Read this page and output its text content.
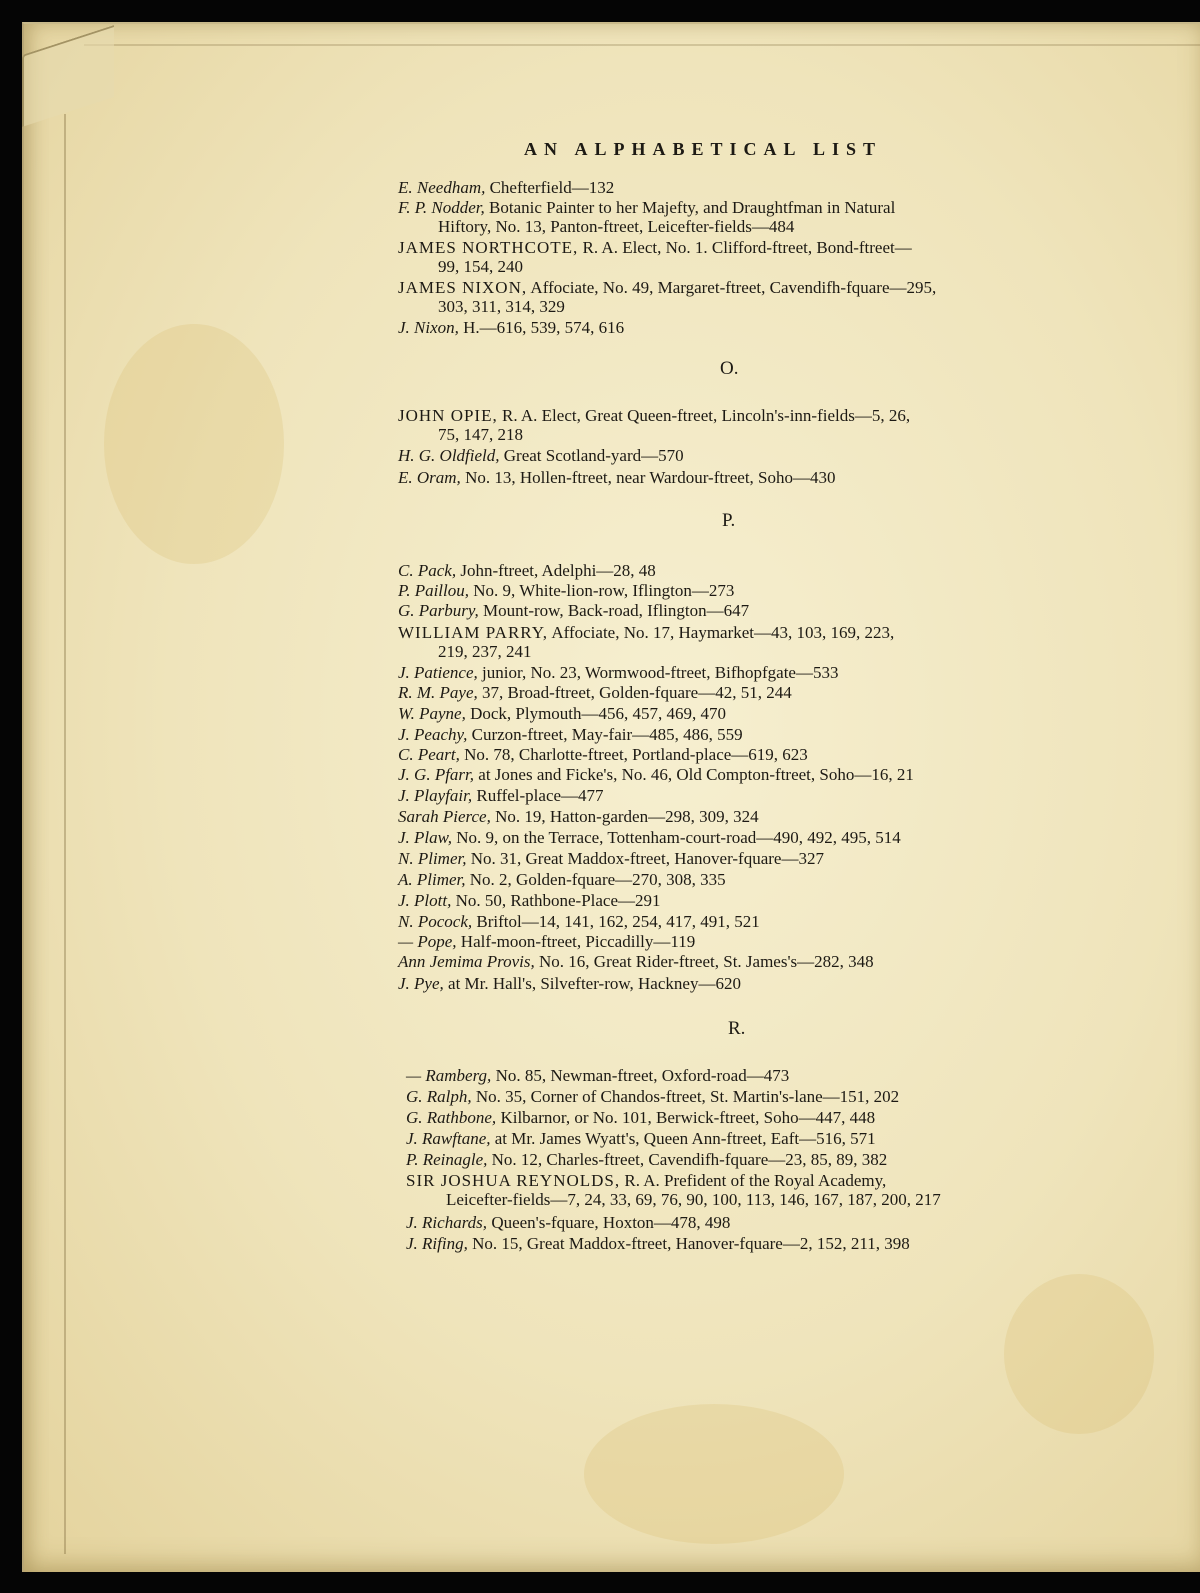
AN ALPHABETICAL LIST
E. Needham, Chefterfield—132
F. P. Nodder, Botanic Painter to her Majefty, and Draughtfman in Natural
Hiftory, No. 13, Panton-ftreet, Leicefter-fields—484
JAMES NORTHCOTE, R. A. Elect, No. 1. Clifford-ftreet, Bond-ftreet—
99, 154, 240
JAMES NIXON, Affociate, No. 49, Margaret-ftreet, Cavendifh-fquare—295,
303, 311, 314, 329
J. Nixon, H.—616, 539, 574, 616
O.
JOHN OPIE, R. A. Elect, Great Queen-ftreet, Lincoln's-inn-fields—5, 26,
75, 147, 218
H. G. Oldfield, Great Scotland-yard—570
E. Oram, No. 13, Hollen-ftreet, near Wardour-ftreet, Soho—430
P.
C. Pack, John-ftreet, Adelphi—28, 48
P. Paillou, No. 9, White-lion-row, Iflington—273
G. Parbury, Mount-row, Back-road, Iflington—647
WILLIAM PARRY, Affociate, No. 17, Haymarket—43, 103, 169, 223,
219, 237, 241
J. Patience, junior, No. 23, Wormwood-ftreet, Bifhopfgate—533
R. M. Paye, 37, Broad-ftreet, Golden-fquare—42, 51, 244
W. Payne, Dock, Plymouth—456, 457, 469, 470
J. Peachy, Curzon-ftreet, May-fair—485, 486, 559
C. Peart, No. 78, Charlotte-ftreet, Portland-place—619, 623
J. G. Pfarr, at Jones and Ficke's, No. 46, Old Compton-ftreet, Soho—16, 21
J. Playfair, Ruffel-place—477
Sarah Pierce, No. 19, Hatton-garden—298, 309, 324
J. Plaw, No. 9, on the Terrace, Tottenham-court-road—490, 492, 495, 514
N. Plimer, No. 31, Great Maddox-ftreet, Hanover-fquare—327
A. Plimer, No. 2, Golden-fquare—270, 308, 335
J. Plott, No. 50, Rathbone-Place—291
N. Pocock, Briftol—14, 141, 162, 254, 417, 491, 521
— Pope, Half-moon-ftreet, Piccadilly—119
Ann Jemima Provis, No. 16, Great Rider-ftreet, St. James's—282, 348
J. Pye, at Mr. Hall's, Silvefter-row, Hackney—620
R.
— Ramberg, No. 85, Newman-ftreet, Oxford-road—473
G. Ralph, No. 35, Corner of Chandos-ftreet, St. Martin's-lane—151, 202
G. Rathbone, Kilbarnor, or No. 101, Berwick-ftreet, Soho—447, 448
J. Rawftane, at Mr. James Wyatt's, Queen Ann-ftreet, Eaft—516, 571
P. Reinagle, No. 12, Charles-ftreet, Cavendifh-fquare—23, 85, 89, 382
SIR JOSHUA REYNOLDS, R. A. Prefident of the Royal Academy,
Leicefter-fields—7, 24, 33, 69, 76, 90, 100, 113, 146, 167, 187, 200, 217
J. Richards, Queen's-fquare, Hoxton—478, 498
J. Rifing, No. 15, Great Maddox-ftreet, Hanover-fquare—2, 152, 211, 398
